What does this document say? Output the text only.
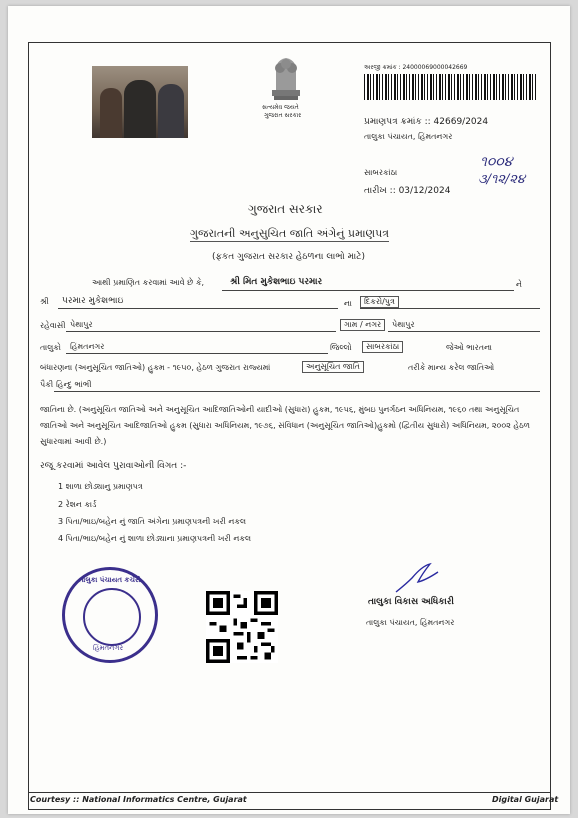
સત્યમેવ જયતે
ગુજરાત સરકાર
અરજી ક્રમાંક : 24000069000042669
પ્રમાણપત્ર ક્રમાંક :: 42669/2024
તાલુકા પંચાયત, હિંમતનગર
સાબરકાંઠા
તારીખ :: 03/12/2024
૧૦૦૪
૩/૧૨/૨૪
ગુજરાત સરકાર
ગુજરાતની અનુસુચિત જાતિ અંગેનું પ્રમાણપત્ર
(ફકત ગુજરાત સરકાર હેઠળના લાભો માટે)
આથી પ્રમાણિત કરવામાં આવે છે કે,	શ્રી મિત મુકેશભાઇ પરમાર	ને
શ્રી પરમાર મુકેશભાઇ	ના	દિકરો/પુત્ર
રહેવાસી પેથાપુર	ગામ / નગર	પેથાપુર
તાલુકો હિંમતનગર	જિલ્લો	સાબરકાંઠા	જેઓ ભારતના
બંધારણના (અનુસૂચિત જાતિઓ) હુકમ - ૧૯૫૦, હેઠળ ગુજરાત રાજ્યમાં	અનુસૂચિત જાતિ	તરીકે માન્ય કરેલ જાતિઓ
પૈકી હિન્દુ ભાંભી
જાતિના છે. (અનુસૂચિત જાતિઓ અને અનુસૂચિત આદિજાતિઓની યાદીઓ (સુધારા) હુકમ, ૧૯૫૬, મુંબઇ પુનર્ગઠન અધિનિયમ, ૧૯૬૦ તથા અનુસૂચિત જાતિઓ અને અનુસૂચિત આદિજાતિઓ હુકમ (સુધારા અધિનિયમ, ૧૯૭૬, સંવિધાન (અનુસૂચિત જાતિઓ)હુકમો (દ્વિતીય સુધારો) અધિનિયમ, ૨૦૦૨ હેઠળ સુધારવામાં આવી છે.)
રજૂ કરવામાં આવેલ પુરાવાઓની વિગત :-
1 શાળા છોડ્યાનુ પ્રમાણપત્ર
2 રેશન કાર્ડ
3 પિતા/ભાઇ/બહેન નું જાતિ અંગેના પ્રમાણપત્રની ખરી નકલ
4 પિતા/ભાઇ/બહેન નું શાળા છોડ્યાના પ્રમાણપત્રની ખરી નકલ
તાલુકા પંચાયત કચેરી
હિંમતનગર
તાલુકા વિકાસ અધિકારી
તાલુકા પંચાયત, હિંમતનગર
Courtesy :: National Informatics Centre, Gujarat	Digital Gujarat
